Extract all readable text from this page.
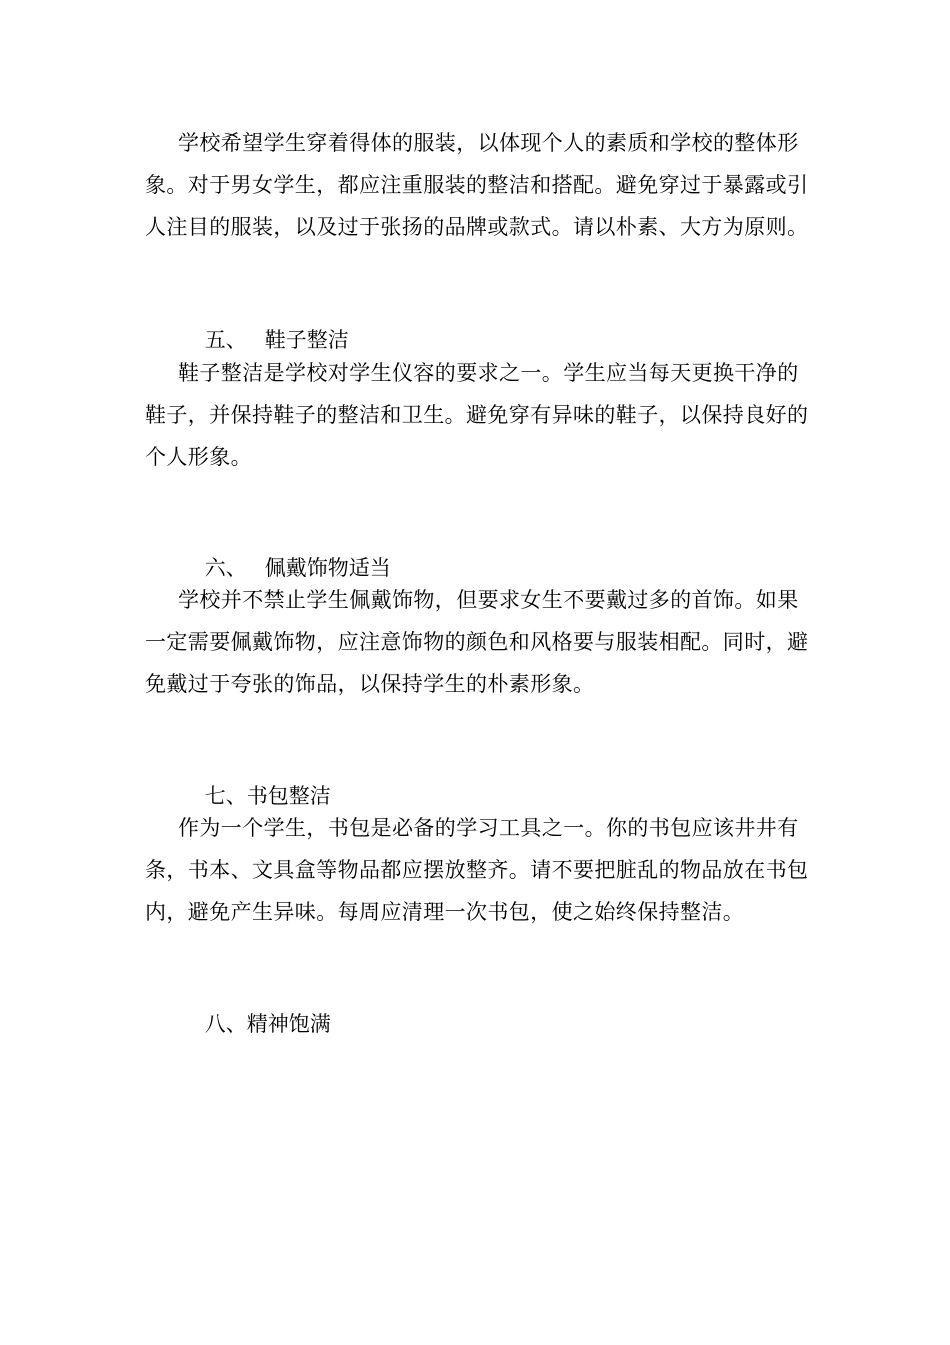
学校希望学生穿着得体的服装，以体现个人的素质和学校的整体形象。对于男女学生，都应注重服装的整洁和搭配。避免穿过于暴露或引人注目的服装，以及过于张扬的品牌或款式。请以朴素、大方为原则。

五、 鞋子整洁

鞋子整洁是学校对学生仪容的要求之一。学生应当每天更换干净的鞋子，并保持鞋子的整洁和卫生。避免穿有异味的鞋子，以保持良好的个人形象。

六、 佩戴饰物适当

学校并不禁止学生佩戴饰物，但要求女生不要戴过多的首饰。如果一定需要佩戴饰物，应注意饰物的颜色和风格要与服装相配。同时，避免戴过于夸张的饰品，以保持学生的朴素形象。

七、书包整洁

作为一个学生，书包是必备的学习工具之一。你的书包应该井井有条，书本、文具盒等物品都应摆放整齐。请不要把脏乱的物品放在书包内，避免产生异味。每周应清理一次书包，使之始终保持整洁。

八、精神饱满
